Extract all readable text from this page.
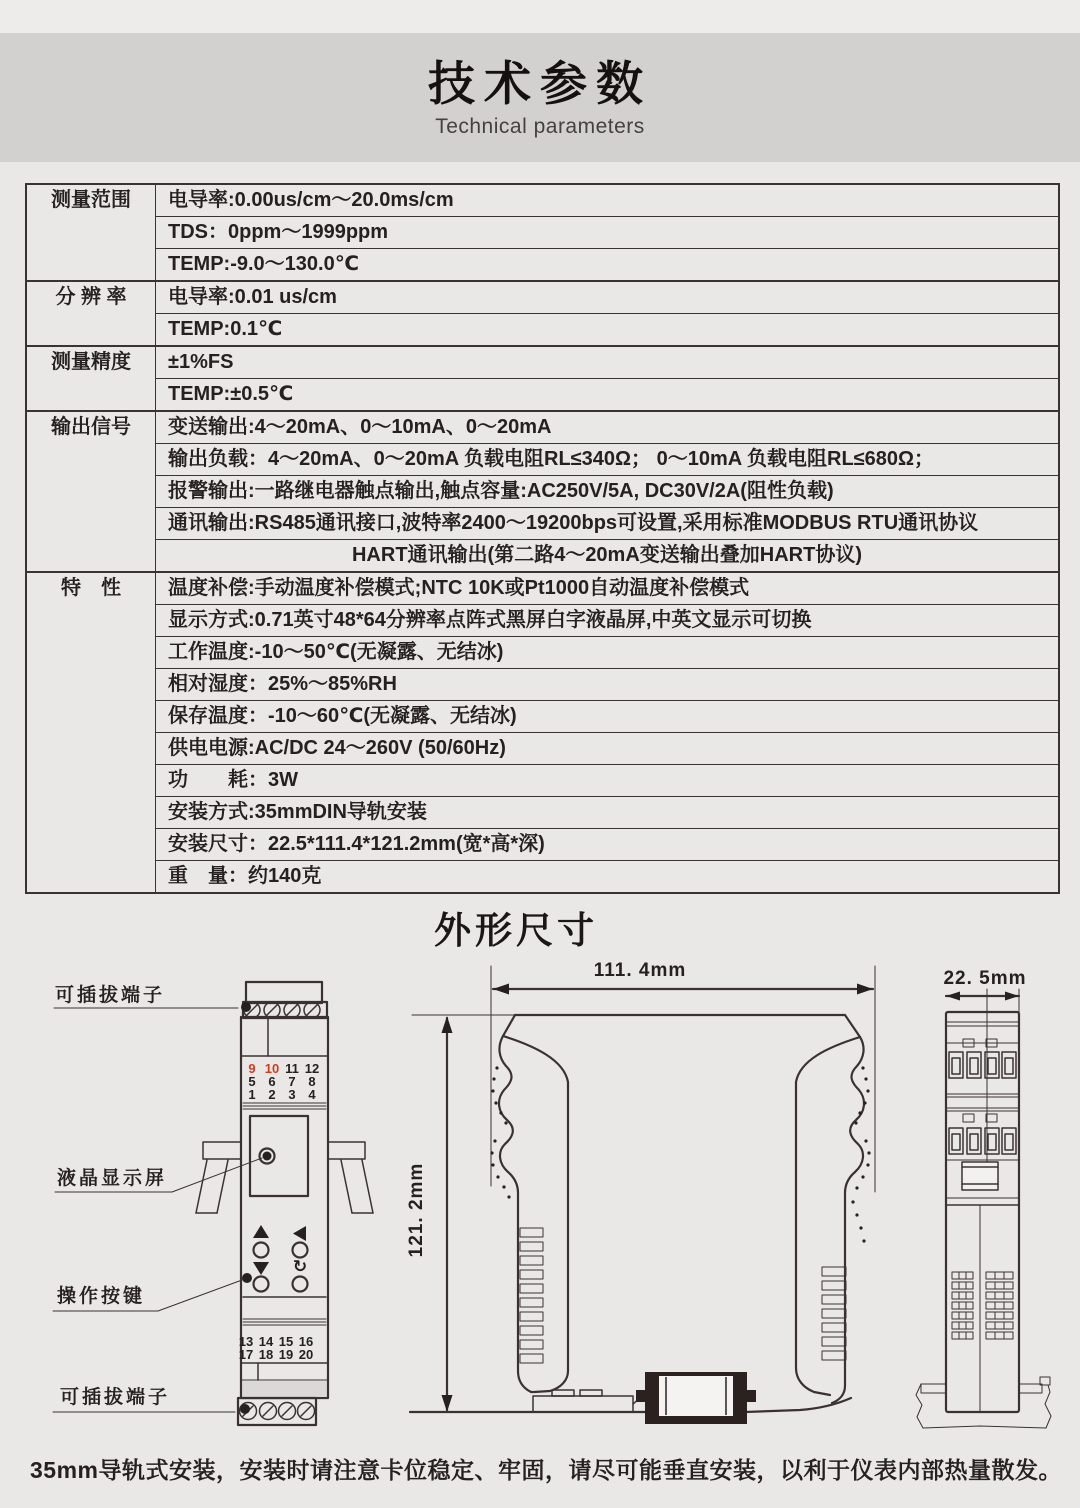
技术参数
Technical parameters
测量范围	电导率:0.00us/cm～20.0ms/cm
	TDS：0ppm～1999ppm
	TEMP:-9.0～130.0℃
分 辨 率	电导率:0.01 us/cm
	TEMP:0.1℃
测量精度	±1%FS
	TEMP:±0.5℃
输出信号	变送输出:4～20mA、0～10mA、0～20mA
	输出负载：4～20mA、0～20mA 负载电阻RL≤340Ω； 0～10mA 负载电阻RL≤680Ω；
	报警输出:一路继电器触点输出,触点容量:AC250V/5A, DC30V/2A(阻性负载)
	通讯输出:RS485通讯接口,波特率2400～19200bps可设置,采用标准MODBUS RTU通讯协议
	HART通讯输出(第二路4～20mA变送输出叠加HART协议)
特　性	温度补偿:手动温度补偿模式;NTC 10K或Pt1000自动温度补偿模式
	显示方式:0.71英寸48*64分辨率点阵式黑屏白字液晶屏,中英文显示可切换
	工作温度:-10～50℃(无凝露、无结冰)
	相对湿度：25%～85%RH
	保存温度：-10～60℃(无凝露、无结冰)
	供电电源:AC/DC 24～260V (50/60Hz)
	功　　耗：3W
	安装方式:35mmDIN导轨安装
	安装尺寸：22.5*111.4*121.2mm(宽*高*深)
	重　量：约140克
外形尺寸
9 10 11 12
5 6 7 8
1 2 3 4
↻
13 14 15 16
17 18 19 20
可插拔端子
液晶显示屏
操作按键
可插拔端子
111. 4mm
121. 2mm
22. 5mm
35mm导轨式安装，安装时请注意卡位稳定、牢固，请尽可能垂直安装，以利于仪表内部热量散发。
